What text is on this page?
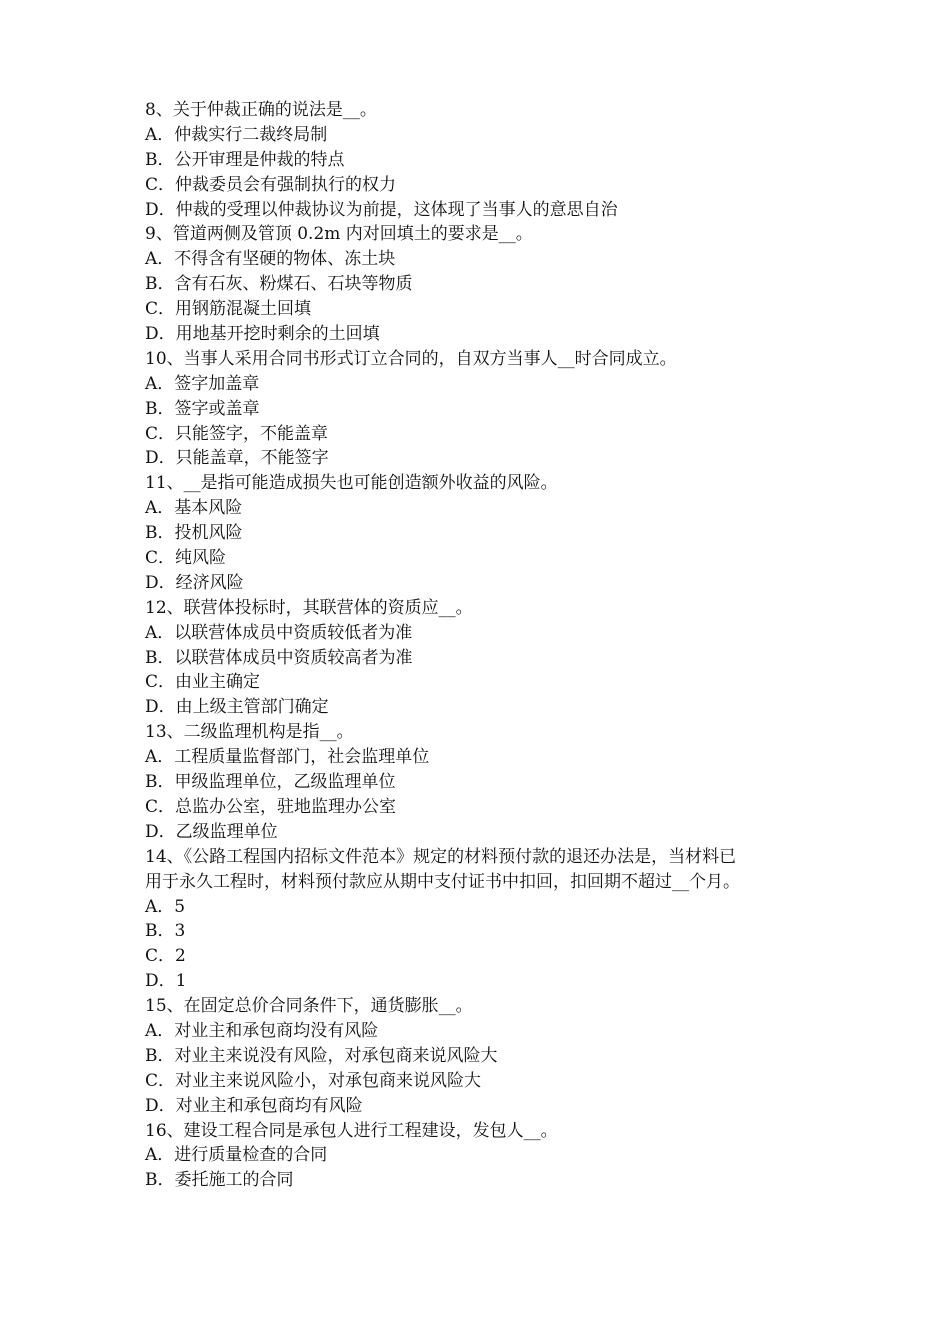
8、关于仲裁正确的说法是__。
A．仲裁实行二裁终局制
B．公开审理是仲裁的特点
C．仲裁委员会有强制执行的权力
D．仲裁的受理以仲裁协议为前提，这体现了当事人的意思自治
9、管道两侧及管顶 0.2m 内对回填土的要求是__。
A．不得含有坚硬的物体、冻土块
B．含有石灰、粉煤石、石块等物质
C．用钢筋混凝土回填
D．用地基开挖时剩余的土回填
10、当事人采用合同书形式订立合同的，自双方当事人__时合同成立。
A．签字加盖章
B．签字或盖章
C．只能签字，不能盖章
D．只能盖章，不能签字
11、__是指可能造成损失也可能创造额外收益的风险。
A．基本风险
B．投机风险
C．纯风险
D．经济风险
12、联营体投标时，其联营体的资质应__。
A．以联营体成员中资质较低者为准
B．以联营体成员中资质较高者为准
C．由业主确定
D．由上级主管部门确定
13、二级监理机构是指__。
A．工程质量监督部门，社会监理单位
B．甲级监理单位，乙级监理单位
C．总监办公室，驻地监理办公室
D．乙级监理单位
14、《公路工程国内招标文件范本》规定的材料预付款的退还办法是，当材料已
用于永久工程时，材料预付款应从期中支付证书中扣回，扣回期不超过__个月。
A．5
B．3
C．2
D．1
15、在固定总价合同条件下，通货膨胀__。
A．对业主和承包商均没有风险
B．对业主来说没有风险，对承包商来说风险大
C．对业主来说风险小，对承包商来说风险大
D．对业主和承包商均有风险
16、建设工程合同是承包人进行工程建设，发包人__。
A．进行质量检查的合同
B．委托施工的合同
